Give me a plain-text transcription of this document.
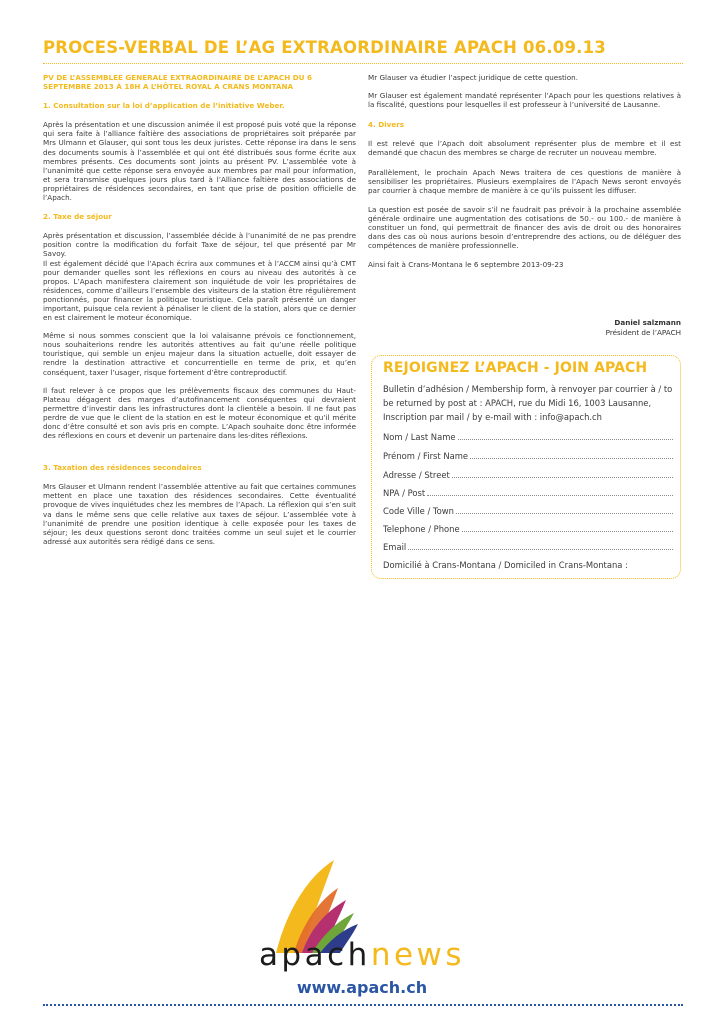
PROCES-VERBAL DE L’AG EXTRAORDINAIRE APACH 06.09.13

PV DE L’ASSEMBLEE GENERALE EXTRAORDINAIRE DE L’APACH DU 6 SEPTEMBRE 2013 À 18H A L’HÔTEL ROYAL A CRANS MONTANA

1. Consultation sur la loi d’application de l’initiative Weber.

Après la présentation et une discussion animée il est proposé puis voté que la réponse qui sera faite à l’alliance faîtière des associations de propriétaires soit préparée par Mrs Ulmann et Glauser, qui sont tous les deux juristes. Cette réponse ira dans le sens des documents soumis à l’assemblée et qui ont été distribués sous forme écrite aux membres présents. Ces documents sont joints au présent PV. L’assemblée vote à l’unanimité que cette réponse sera envoyée aux membres par mail pour information, et sera transmise quelques jours plus tard à l’Alliance faîtière des associations de propriétaires de résidences secondaires, en tant que prise de position officielle de l’Apach.

2. Taxe de séjour

Après présentation et discussion, l’assemblée décide à l’unanimité de ne pas prendre position contre la modification du forfait Taxe de séjour, tel que présenté par Mr Savoy.

Il est également décidé que l’Apach écrira aux communes et à l’ACCM ainsi qu’à CMT pour demander quelles sont les réflexions en cours au niveau des autorités à ce propos. L’Apach manifestera clairement son inquiétude de voir les propriétaires de résidences, comme d’ailleurs l’ensemble des visiteurs de la station être régulièrement ponctionnés, pour financer la politique touristique. Cela paraît présenté un danger important, puisque cela revient à pénaliser le client de la station, alors que ce dernier en est clairement le moteur économique.

Même si nous sommes conscient que la loi valaisanne prévois ce fonctionnement, nous souhaiterions rendre les autorités attentives au fait qu’une réelle politique touristique, qui semble un enjeu majeur dans la situation actuelle, doit essayer de rendre la destination attractive et concurrentielle en terme de prix, et qu’en conséquent, taxer l’usager, risque fortement d’être contreproductif.

Il faut relever à ce propos que les prélèvements fiscaux des communes du Haut-Plateau dégagent des marges d’autofinancement conséquentes qui devraient permettre d’investir dans les infrastructures dont la clientèle a besoin. Il ne faut pas perdre de vue que le client de la station en est le moteur économique et qu’il mérite donc d’être consulté et son avis pris en compte. L’Apach souhaite donc être informée des réflexions en cours et devenir un partenaire dans les-dites réflexions.

3. Taxation des résidences secondaires

Mrs Glauser et Ulmann rendent l’assemblée attentive au fait que certaines communes mettent en place une taxation des résidences secondaires. Cette éventualité provoque de vives inquiétudes chez les membres de l’Apach. La réflexion qui s’en suit va dans le même sens que celle relative aux taxes de séjour. L’assemblée vote à l’unanimité de prendre une position identique à celle exposée pour les taxes de séjour; les deux questions seront donc traitées comme un seul sujet et le courrier adressé aux autorités sera rédigé dans ce sens.

Mr Glauser va étudier l’aspect juridique de cette question.

Mr Glauser est également mandaté représenter l’Apach pour les questions relatives à la fiscalité, questions pour lesquelles il est professeur à l’université de Lausanne.

4. Divers

Il est relevé que l’Apach doit absolument représenter plus de membre et il est demandé que chacun des membres se charge de recruter un nouveau membre.

Parallèlement, le prochain Apach News traitera de ces questions de manière à sensibiliser les propriétaires. Plusieurs exemplaires de l’Apach News seront envoyés par courrier à chaque membre de manière à ce qu’ils puissent les diffuser.

La question est posée de savoir s’il ne faudrait pas prévoir à la prochaine assemblée générale ordinaire une augmentation des cotisations de 50.- ou 100.- de manière à constituer un fond, qui permettrait de financer des avis de droit ou des honoraires dans des cas où nous aurions besoin d’entreprendre des actions, ou de déléguer des compétences de manière professionnelle.

Ainsi fait à Crans-Montana le 6 septembre 2013-09-23

Daniel salzmann
Président de l’APACH
REJOIGNEZ L’APACH - JOIN APACH
Bulletin d’adhésion / Membership form, à renvoyer par courrier à / to be returned by post at : APACH, rue du Midi 16, 1003 Lausanne, Inscription par mail / by e-mail with : info@apach.ch
Nom / Last Name
Prénom / First Name
Adresse / Street
NPA / Post
Code Ville / Town
Telephone / Phone
Email
Domicilié à Crans-Montana / Domiciled in Crans-Montana :
apachnews
www.apach.ch
